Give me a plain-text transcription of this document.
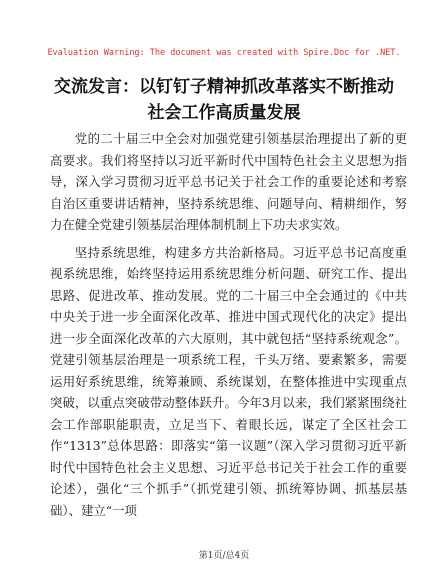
Evaluation Warning: The document was created with Spire.Doc for .NET.
交流发言：以钉钉子精神抓改革落实不断推动
社会工作高质量发展

党的二十届三中全会对加强党建引领基层治理提出了新的更高要求。我们将坚持以习近平新时代中国特色社会主义思想为指导，深入学习贯彻习近平总书记关于社会工作的重要论述和考察自治区重要讲话精神，坚持系统思维、问题导向、精耕细作，努力在健全党建引领基层治理体制机制上下功夫求实效。

坚持系统思维，构建多方共治新格局。习近平总书记高度重视系统思维，始终坚持运用系统思维分析问题、研究工作、提出思路、促进改革、推动发展。党的二十届三中全会通过的《中共中央关于进一步全面深化改革、推进中国式现代化的决定》提出进一步全面深化改革的六大原则，其中就包括“坚持系统观念”。党建引领基层治理是一项系统工程，千头万绪、要素繁多，需要运用好系统思维，统筹兼顾、系统谋划，在整体推进中实现重点突破，以重点突破带动整体跃升。今年3月以来，我们紧紧围绕社会工作部职能职责，立足当下、着眼长远，谋定了全区社会工作“1313”总体思路：即落实“第一议题”（深入学习贯彻习近平新时代中国特色社会主义思想、习近平总书记关于社会工作的重要论述），强化“三个抓手”（抓党建引领、抓统筹协调、抓基层基础）、建立“一项

第1页/总4页
